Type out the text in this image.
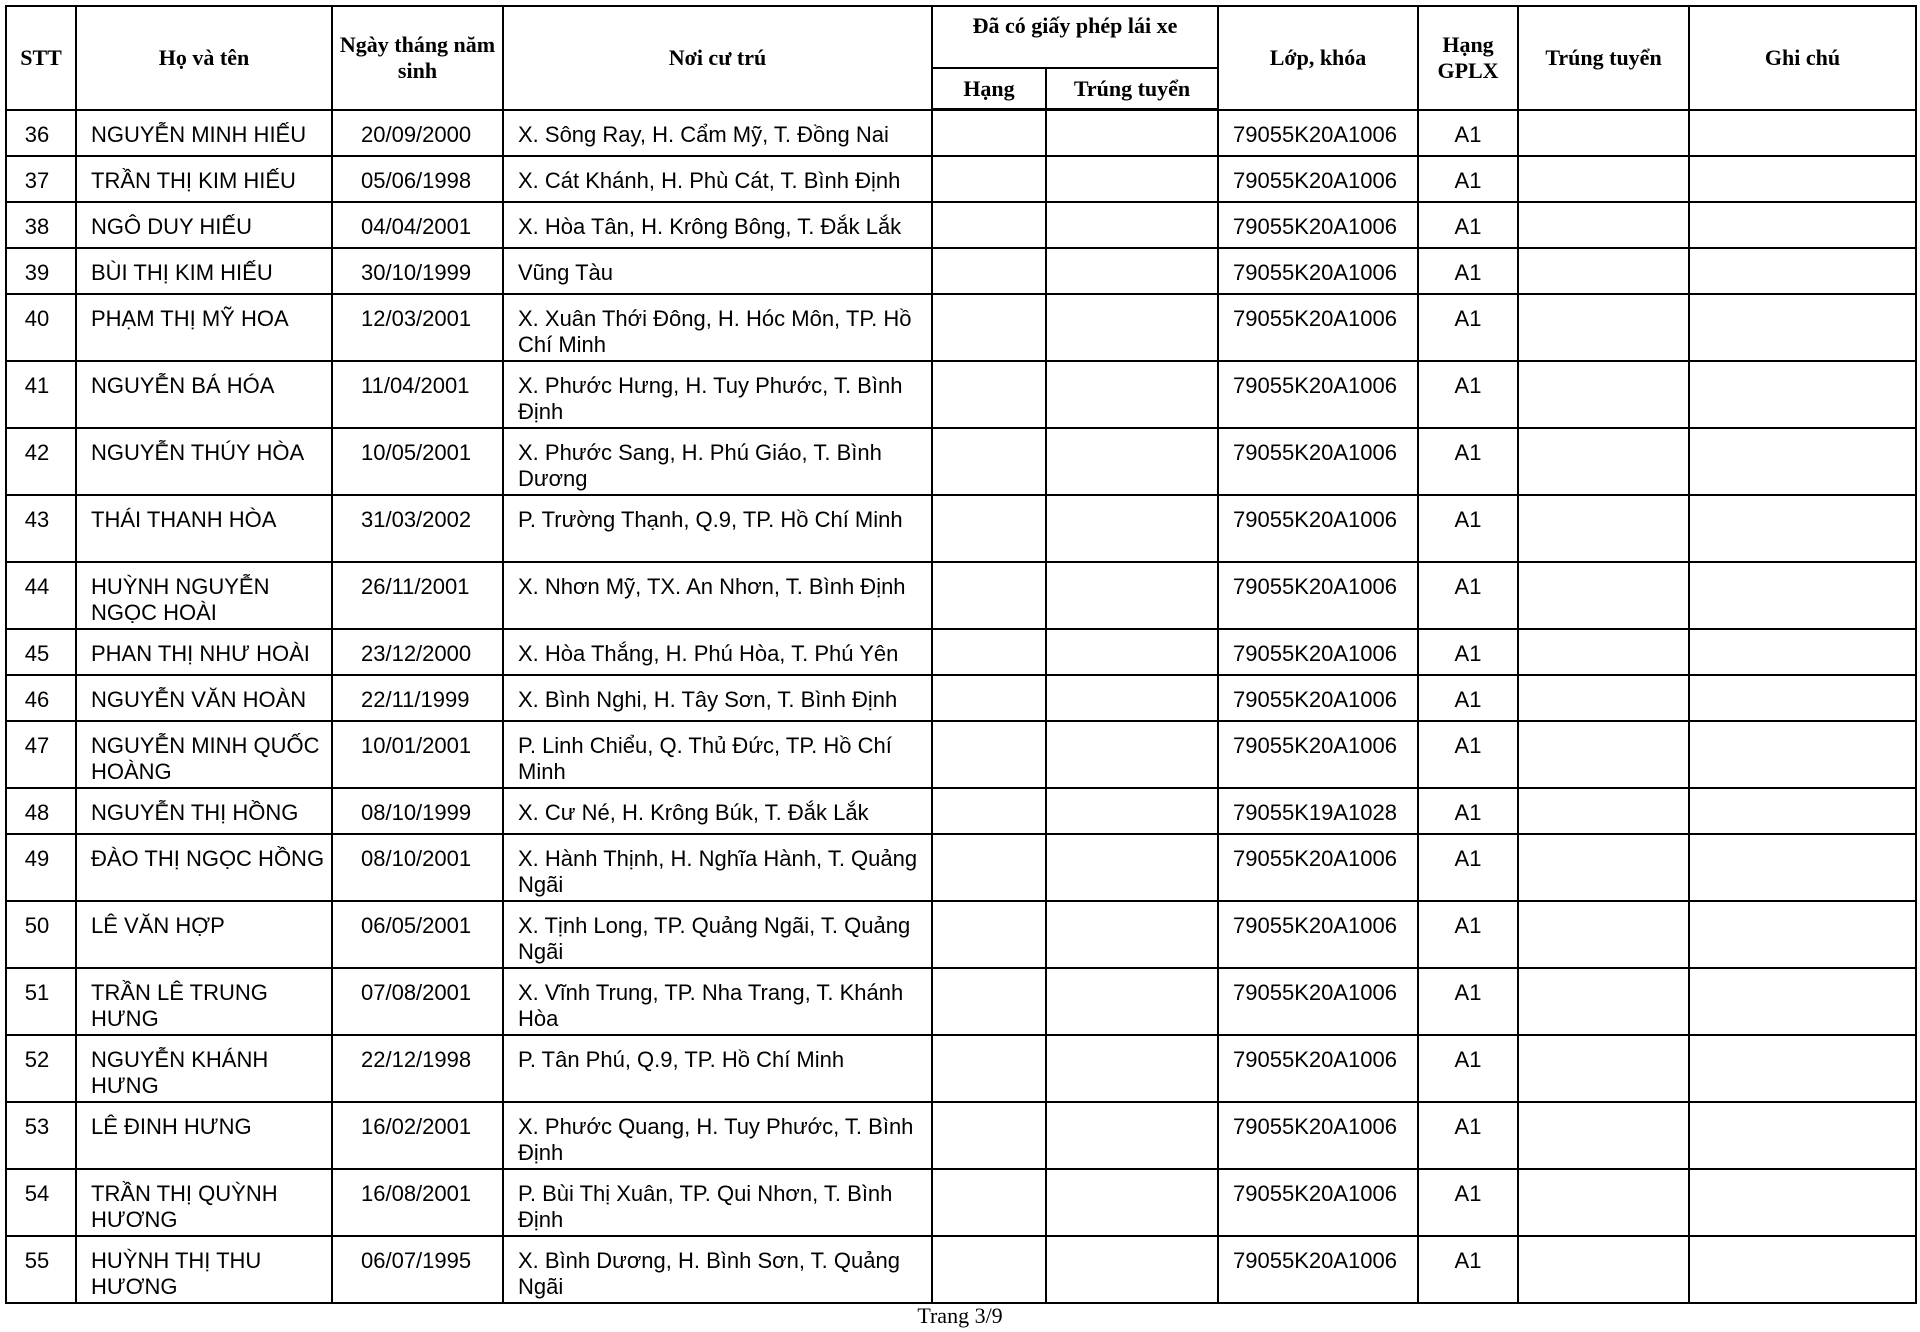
STT	Họ và tên	Ngày tháng năm sinh	Nơi cư trú	Đã có giấy phép lái xe		Lớp, khóa	Hạng GPLX	Trúng tuyển	Ghi chú
				Hạng	Trúng tuyển				
36	NGUYỄN MINH HIẾU	20/09/2000	X. Sông Ray, H. Cẩm Mỹ, T. Đồng Nai			79055K20A1006	A1		
37	TRẦN THỊ KIM HIẾU	05/06/1998	X. Cát Khánh, H. Phù Cát, T. Bình Định			79055K20A1006	A1		
38	NGÔ DUY HIẾU	04/04/2001	X. Hòa Tân, H. Krông Bông, T. Đắk Lắk			79055K20A1006	A1		
39	BÙI THỊ KIM HIẾU	30/10/1999	Vũng Tàu			79055K20A1006	A1		
40	PHẠM THỊ MỸ HOA	12/03/2001	X. Xuân Thới Đông, H. Hóc Môn, TP. Hồ Chí Minh			79055K20A1006	A1		
41	NGUYỄN BÁ HÓA	11/04/2001	X. Phước Hưng, H. Tuy Phước, T. Bình Định			79055K20A1006	A1		
42	NGUYỄN THÚY HÒA	10/05/2001	X. Phước Sang, H. Phú Giáo, T. Bình Dương			79055K20A1006	A1		
43	THÁI THANH HÒA	31/03/2002	P. Trường Thạnh, Q.9, TP. Hồ Chí Minh			79055K20A1006	A1		
44	HUỲNH NGUYỄN NGỌC HOÀI	26/11/2001	X. Nhơn Mỹ, TX. An Nhơn, T. Bình Định			79055K20A1006	A1		
45	PHAN THỊ NHƯ HOÀI	23/12/2000	X. Hòa Thắng, H. Phú Hòa, T. Phú Yên			79055K20A1006	A1		
46	NGUYỄN VĂN HOÀN	22/11/1999	X. Bình Nghi, H. Tây Sơn, T. Bình Định			79055K20A1006	A1		
47	NGUYỄN MINH QUỐC HOÀNG	10/01/2001	P. Linh Chiểu, Q. Thủ Đức, TP. Hồ Chí Minh			79055K20A1006	A1		
48	NGUYỄN THỊ HỒNG	08/10/1999	X. Cư Né, H. Krông Búk, T. Đắk Lắk			79055K19A1028	A1		
49	ĐÀO THỊ NGỌC HỒNG	08/10/2001	X. Hành Thịnh, H. Nghĩa Hành, T. Quảng Ngãi			79055K20A1006	A1		
50	LÊ VĂN HỢP	06/05/2001	X. Tịnh Long, TP. Quảng Ngãi, T. Quảng Ngãi			79055K20A1006	A1		
51	TRẦN LÊ TRUNG HƯNG	07/08/2001	X. Vĩnh Trung, TP. Nha Trang, T. Khánh Hòa			79055K20A1006	A1		
52	NGUYỄN KHÁNH HƯNG	22/12/1998	P. Tân Phú, Q.9, TP. Hồ Chí Minh			79055K20A1006	A1		
53	LÊ ĐINH HƯNG	16/02/2001	X. Phước Quang, H. Tuy Phước, T. Bình Định			79055K20A1006	A1		
54	TRẦN THỊ QUỲNH HƯƠNG	16/08/2001	P. Bùi Thị Xuân, TP. Qui Nhơn, T. Bình Định			79055K20A1006	A1		
55	HUỲNH THỊ THU HƯƠNG	06/07/1995	X. Bình Dương, H. Bình Sơn, T. Quảng Ngãi			79055K20A1006	A1		
Trang 3/9
